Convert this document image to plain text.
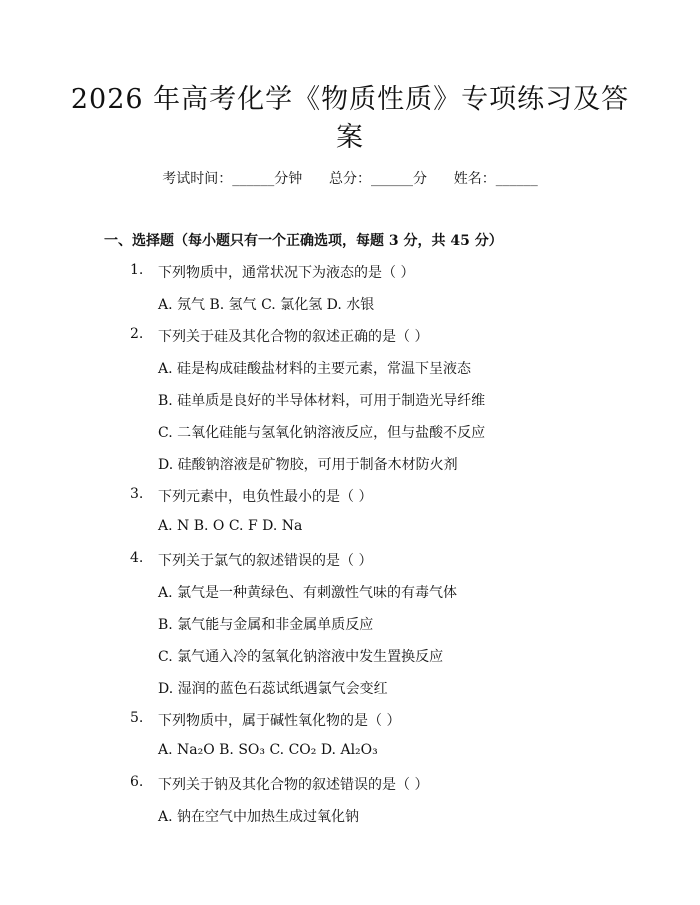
2026 年高考化学《物质性质》专项练习及答
案
考试时间：______分钟      总分：______分      姓名：______
一、选择题（每小题只有一个正确选项，每题 3 分，共 45 分）
1.	下列物质中，通常状况下为液态的是（ ）
A. 氖气 B. 氢气 C. 氯化氢 D. 水银
2.	下列关于硅及其化合物的叙述正确的是（ ）
A. 硅是构成硅酸盐材料的主要元素，常温下呈液态
B. 硅单质是良好的半导体材料，可用于制造光导纤维
C. 二氧化硅能与氢氧化钠溶液反应，但与盐酸不反应
D. 硅酸钠溶液是矿物胶，可用于制备木材防火剂
3.	下列元素中，电负性最小的是（ ）
A. N B. O C. F D. Na
4.	下列关于氯气的叙述错误的是（ ）
A. 氯气是一种黄绿色、有刺激性气味的有毒气体
B. 氯气能与金属和非金属单质反应
C. 氯气通入冷的氢氧化钠溶液中发生置换反应
D. 湿润的蓝色石蕊试纸遇氯气会变红
5.	下列物质中，属于碱性氧化物的是（ ）
A. Na₂O B. SO₃ C. CO₂ D. Al₂O₃
6.	下列关于钠及其化合物的叙述错误的是（ ）
A. 钠在空气中加热生成过氧化钠
